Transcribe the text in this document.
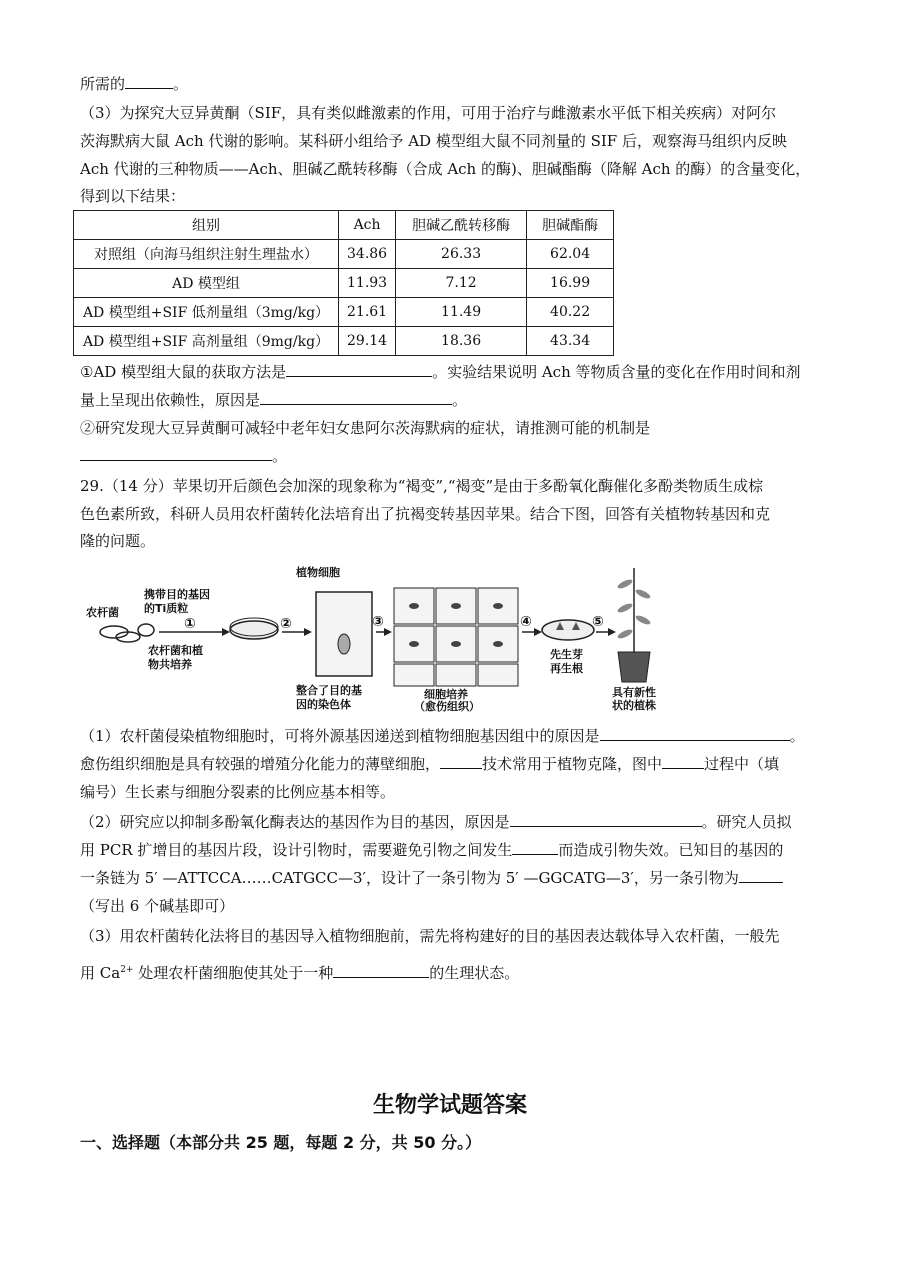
所需的	。
（3）为探究大豆异黄酮（SIF，具有类似雌激素的作用，可用于治疗与雌激素水平低下相关疾病）对阿尔
茨海默病大鼠 Ach 代谢的影响。某科研小组给予 AD 模型组大鼠不同剂量的 SIF 后，观察海马组织内反映
Ach 代谢的三种物质——Ach、胆碱乙酰转移酶（合成 Ach 的酶)、胆碱酯酶（降解 Ach 的酶）的含量变化，
得到以下结果：
组别	Ach	胆碱乙酰转移酶	胆碱酯酶
对照组（向海马组织注射生理盐水）	34.86	26.33	62.04
AD 模型组	11.93	7.12	16.99
AD 模型组+SIF 低剂量组（3mg/kg）	21.61	11.49	40.22
AD 模型组+SIF 高剂量组（9mg/kg）	29.14	18.36	43.34
①AD 模型组大鼠的获取方法是	。实验结果说明 Ach 等物质含量的变化在作用时间和剂
量上呈现出依赖性，原因是	。
②研究发现大豆异黄酮可减轻中老年妇女患阿尔茨海默病的症状，请推测可能的机制是
。
29.（14 分）苹果切开后颜色会加深的现象称为“褐变”,“褐变”是由于多酚氧化酶催化多酚类物质生成棕
色色素所致，科研人员用农杆菌转化法培育出了抗褐变转基因苹果。结合下图，回答有关植物转基因和克
隆的问题。
农杆菌
携带目的基因
的Ti质粒
农杆菌和植
物共培养
植物细胞
整合了目的基
因的染色体
细胞培养
（愈伤组织）
先生芽
再生根
具有新性
状的植株
①	②	③	④	⑤
（1）农杆菌侵染植物细胞时，可将外源基因递送到植物细胞基因组中的原因是	。
愈伤组织细胞是具有较强的增殖分化能力的薄壁细胞，	技术常用于植物克隆，图中	过程中（填
编号）生长素与细胞分裂素的比例应基本相等。
（2）研究应以抑制多酚氧化酶表达的基因作为目的基因，原因是	。研究人员拟
用 PCR 扩增目的基因片段，设计引物时，需要避免引物之间发生	而造成引物失效。已知目的基因的
一条链为 5′ —ATTCCA……CATGCC—3′，设计了一条引物为 5′ —GGCATG—3′，另一条引物为
（写出 6 个碱基即可）
（3）用农杆菌转化法将目的基因导入植物细胞前，需先将构建好的目的基因表达载体导入农杆菌，一般先
用 $Ca^{2+}$ 处理农杆菌细胞使其处于一种	的生理状态。
生物学试题答案
一、选择题（本部分共 25 题，每题 2 分，共 50 分。）
